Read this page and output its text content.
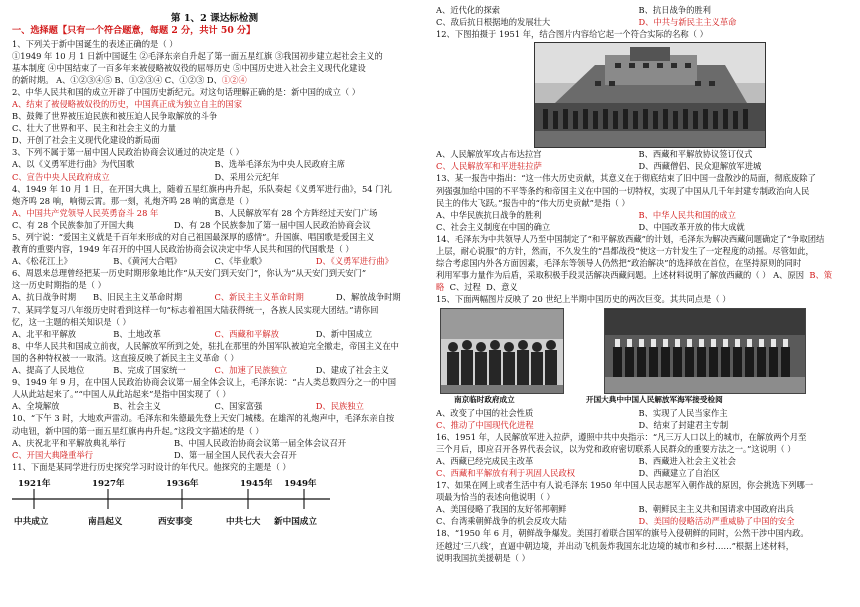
第 1、2 课达标检测

一、选择题【只有一个符合题意，每题 2 分，共计 50 分】

1、下列关于新中国诞生的表述正确的是（ ）

①1949 年 10 月 1 日新中国诞生 ②毛泽东亲自升起了第一面五星红旗 ③我国初步建立起社会主义的

基本制度 ④中国结束了一百多年来被侵略被奴役的屈辱历史 ⑤中国历史进入社会主义现代化建设

的新时期。 A、①②③④⑤ B、①②③④ C、①②③ D、①②④

2、中华人民共和国的成立开辟了中国历史新纪元。对这句话理解正确的是：新中国的成立（ ）

A、结束了被侵略被奴役的历史，中国真正成为独立自主的国家

B、鼓舞了世界被压迫民族和被压迫人民争取解放的斗争

C、壮大了世界和平、民主和社会主义的力量

D、开创了社会主义现代化建设的新局面

3、下列不属于第一届中国人民政治协商会议通过的决定是（ ）

A、以《义勇军进行曲》为代国歌	B、选举毛泽东为中央人民政府主席
C、宣告中央人民政府成立	D、采用公元纪年

4、1949 年 10 月 1 日，在开国大典上，随着五星红旗冉冉升起，乐队奏起《义勇军进行曲》，54 门礼

炮齐鸣 28 响，响彻云霄。那一刻，礼炮齐鸣 28 响的寓意是（ ）

A、中国共产党领导人民英勇奋斗 28 年	B、人民解放军有 28 个方阵经过天安门广场
C、有 28 个民族参加了开国大典	D、有 28 个民族参加了第一届中国人民政治协商会议

5、列宁说：“爱国主义就是千百年来形成的对自己祖国最深厚的感情”。升国旗、唱国歌是爱国主义

教育的重要内容，1949 年召开的中国人民政治协商会议决定中华人民共和国的代国歌是（ ）

A、《松花江上》	B、《黄河大合唱》	C、《毕业歌》	D、《义勇军进行曲》

6、周恩来总理曾经把某一历史时期形象地比作“从天安门到天安门”，你认为“从天安门到天安门”

这一历史时期指的是（ ）

A、抗日战争时期	B、旧民主主义革命时期	C、新民主主义革命时期	D、解放战争时期

7、某同学复习八年级历史时看到这样一句“标志着祖国大陆获得统一，各族人民实现大团结。”请你回

忆，这一主题的相关知识是（ ）

A、北平和平解放	B、土地改革	C、西藏和平解放	D、新中国成立

8、中华人民共和国成立前夜，人民解放军所到之处，驻扎在那里的外国军队被迫完全撤走，帝国主义在中

国的各种特权被一一取消。这直接反映了新民主主义革命（ ）

A、提高了人民地位	B、完成了国家统一	C、加速了民族独立	D、建成了社会主义

9、1949 年 9 月，在中国人民政治协商会议第一届全体会议上，毛泽东说：“占人类总数四分之一的中国

人从此站起来了。”“中国人从此站起来”是指中国实现了（ ）

A、全境解放	B、社会主义	C、国家富强	D、民族独立

10、“下午 3 时，大地欢声雷动。毛泽东和朱德最先登上天安门城楼。在雄浑的礼炮声中，毛泽东亲自按

动电钮，新中国的第一面五星红旗冉冉升起。”这段文字描述的是（ ）

A、庆祝北平和平解放典礼举行	B、中国人民政治协商会议第一届全体会议召开
C、开国大典隆重举行	D、第一届全国人民代表大会召开

11、下面是某同学进行历史探究学习时设计的年代尺。他探究的主题是（ ）

1921年	1927年	1936年	1945年 1949年
中共成立	南昌起义	西安事变	中共七大 新中国成立
A、近代化的探索	B、抗日战争的胜利
C、敌后抗日根据地的发展壮大	D、中共与新民主主义革命

12、下图拍摄于 1951 年，结合图片内容给它起一个符合实际的名称（ ）

A、人民解放军攻占布达拉宫	B、西藏和平解放协议签订仪式
C、人民解放军和平进驻拉萨	D、西藏僧侣、民众迎解放军进城

13、某一报告中指出：“这一伟大历史贡献，其意义在于彻底结束了旧中国一盘散沙的局面，彻底废除了

列强强加给中国的不平等条约和帝国主义在中国的一切特权，实现了中国从几千年封建专制政治向人民

民主的伟大飞跃。”报告中的“伟大历史贡献”是指（ ）

A、中华民族抗日战争的胜利	B、中华人民共和国的成立
C、社会主义制度在中国的确立	D、中国改革开放的伟大成就

14、毛泽东为中共领导人乃至中国制定了“和平解放西藏”的计划，毛泽东为解决西藏问题确定了“争取团结

上层，耐心说服”的方针，然而，不久发生的“昌都战役”使这一方针发生了一定程度的动摇。尽管如此，

综合考虑国内外各方面因素，毛泽东等领导人仍然把“政治解决”的选择放在首位，在坚持原则的同时

利用军事力量作为后盾，采取积极手段灵活解决西藏问题。上述材料说明了解放西藏的（ ） A、原因 B、策略 C、过程 D、意义

15、下面两幅图片反映了 20 世纪上半期中国历史的两次巨变。其共同点是（ ）

南京临时政府成立	开国大典中中国人民解放军海军接受检阅
A、改变了中国的社会性质	B、实现了人民当家作主
C、推动了中国现代化进程	D、结束了封建君主专制

16、1951 年，人民解放军进入拉萨，遵照中共中央指示：“凡三万人口以上的城市，在解放两个月至

三个月后，即应召开各界代表会议，以为党和政府密切联系人民群众的重要方法之一。”这说明（ ）

A、西藏已经完成民主改革	B、西藏进入社会主义社会
C、西藏和平解放有利于巩固人民政权	D、西藏建立了自治区

17、如果在网上或者生活中有人说毛泽东 1950 年中国人民志愿军入朝作战的原因，你会挑选下列哪一

项最为恰当的表述向他说明（ ）

A、美国侵略了我国的友好邻邦朝鲜	B、朝鲜民主主义共和国请求中国政府出兵
C、台湾乘朝鲜战争的机会反攻大陆	D、美国的侵略活动严重威胁了中国的安全

18、“1950 年 6 月，朝鲜战争爆发。美国打着联合国军的旗号入侵朝鲜的同时，公然干涉中国内政。

还越过‘三八线’，直逼中朝边境，并出动飞机轰炸我国东北边境的城市和乡村……”根据上述材料，

说明我国抗美援朝是（ ）
